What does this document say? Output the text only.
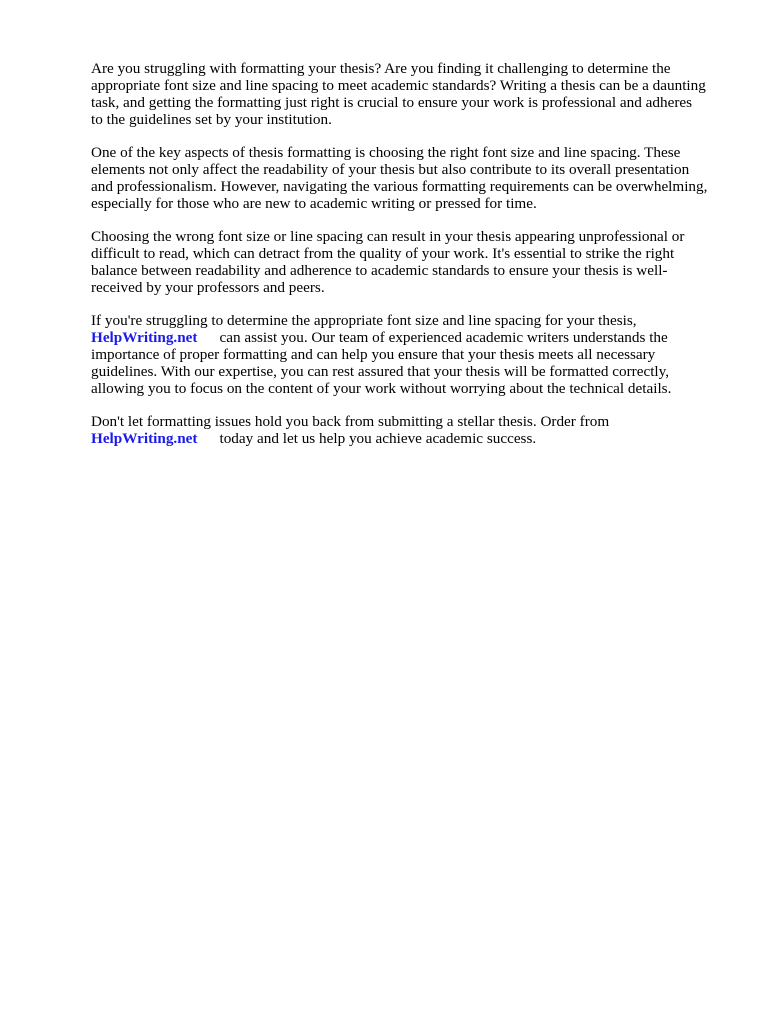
Are you struggling with formatting your thesis? Are you finding it challenging to determine the
appropriate font size and line spacing to meet academic standards? Writing a thesis can be a daunting
task, and getting the formatting just right is crucial to ensure your work is professional and adheres
to the guidelines set by your institution.

One of the key aspects of thesis formatting is choosing the right font size and line spacing. These
elements not only affect the readability of your thesis but also contribute to its overall presentation
and professionalism. However, navigating the various formatting requirements can be overwhelming,
especially for those who are new to academic writing or pressed for time.

Choosing the wrong font size or line spacing can result in your thesis appearing unprofessional or
difficult to read, which can detract from the quality of your work. It's essential to strike the right
balance between readability and adherence to academic standards to ensure your thesis is well-
received by your professors and peers.

If you're struggling to determine the appropriate font size and line spacing for your thesis,
HelpWriting.net can assist you. Our team of experienced academic writers understands the
importance of proper formatting and can help you ensure that your thesis meets all necessary
guidelines. With our expertise, you can rest assured that your thesis will be formatted correctly,
allowing you to focus on the content of your work without worrying about the technical details.

Don't let formatting issues hold you back from submitting a stellar thesis. Order from
HelpWriting.net today and let us help you achieve academic success.
